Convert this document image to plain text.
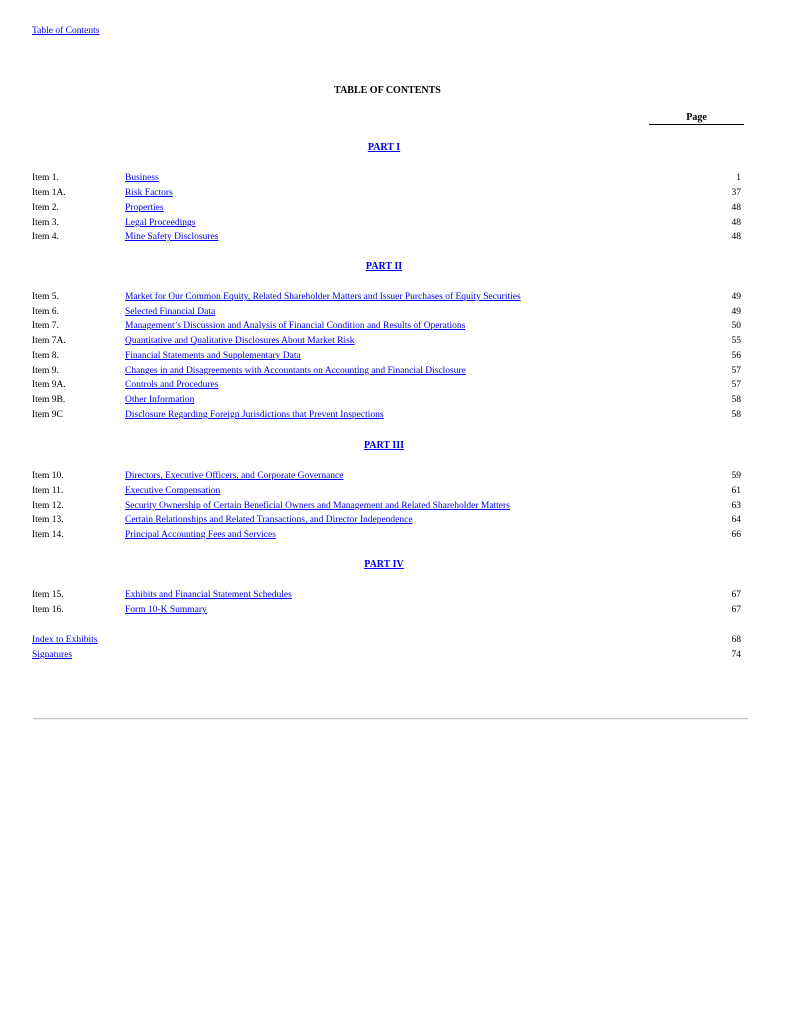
Table of Contents
TABLE OF CONTENTS
Page
PART I
Item 1.	Business	1
Item 1A.	Risk Factors	37
Item 2.	Properties	48
Item 3.	Legal Proceedings	48
Item 4.	Mine Safety Disclosures	48
PART II
Item 5.	Market for Our Common Equity, Related Shareholder Matters and Issuer Purchases of Equity Securities	49
Item 6.	Selected Financial Data	49
Item 7.	Management’s Discussion and Analysis of Financial Condition and Results of Operations	50
Item 7A.	Quantitative and Qualitative Disclosures About Market Risk	55
Item 8.	Financial Statements and Supplementary Data	56
Item 9.	Changes in and Disagreements with Accountants on Accounting and Financial Disclosure	57
Item 9A.	Controls and Procedures	57
Item 9B.	Other Information	58
Item 9C	Disclosure Regarding Foreign Jurisdictions that Prevent Inspections	58
PART III
Item 10.	Directors, Executive Officers, and Corporate Governance	59
Item 11.	Executive Compensation	61
Item 12.	Security Ownership of Certain Beneficial Owners and Management and Related Shareholder Matters	63
Item 13.	Certain Relationships and Related Transactions, and Director Independence	64
Item 14.	Principal Accounting Fees and Services	66
PART IV
Item 15.	Exhibits and Financial Statement Schedules	67
Item 16.	Form 10-K Summary	67
Index to Exhibits	68
Signatures	74
